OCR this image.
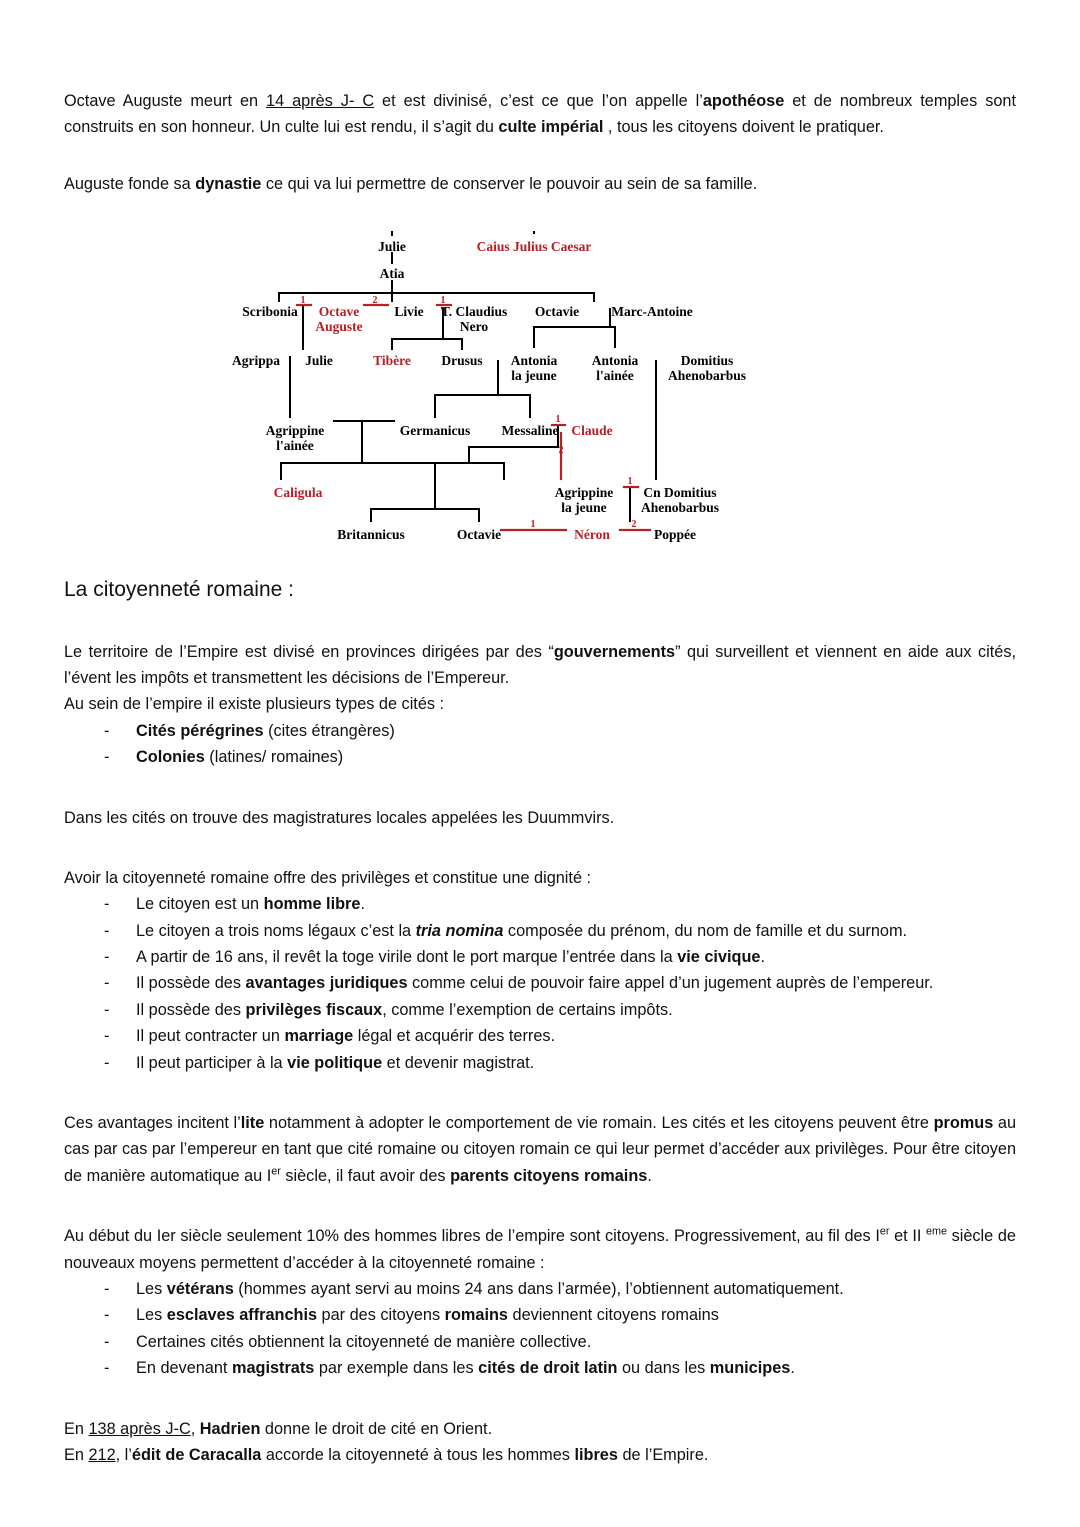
Octave Auguste meurt en 14 après J- C et est divinisé, c’est ce que l’on appelle l’apothéose et de nombreux temples sont construits en son honneur. Un culte lui est rendu, il s’agit du culte impérial , tous les citoyens doivent le pratiquer.

Auguste fonde sa dynastie ce qui va lui permettre de conserver le pouvoir au sein de sa famille.

Julie	Caius Julius Caesar
Atia
Scribonia Octave
Auguste
Livie T. Claudius
Nero
Octavie Marc-Antoine
Agrippa Julie	Tibère Drusus Antonia
la jeune
Antonia
l'ainée
Domitius
Ahenobarbus
Agrippine
l'ainée
Germanicus Messaline Claude
Caligula	Agrippine
la jeune
Cn Domitius
Ahenobarbus
Britannicus	Octavie	Néron	Poppée
1	2	1
1
2
1
1	2
La citoyenneté romaine :

Le territoire de l’Empire est divisé en provinces dirigées par des “gouvernements” qui surveillent et viennent en aide aux cités, l’évent les impôts et transmettent les décisions de l’Empereur.

Au sein de l’empire il existe plusieurs types de cités :

- Cités pérégrines (cites étrangères)
- Colonies (latines/ romaines)

Dans les cités on trouve des magistratures locales appelées les Duummvirs.

Avoir la citoyenneté romaine offre des privilèges et constitue une dignité :

- Le citoyen est un homme libre.
- Le citoyen a trois noms légaux c’est la tria nomina composée du prénom, du nom de famille et du surnom.
- A partir de 16 ans, il revêt la toge virile dont le port marque l’entrée dans la vie civique.
- Il possède des avantages juridiques comme celui de pouvoir faire appel d’un jugement auprès de l’empereur.
- Il possède des privilèges fiscaux, comme l’exemption de certains impôts.
- Il peut contracter un marriage légal et acquérir des terres.
- Il peut participer à la vie politique et devenir magistrat.

Ces avantages incitent l’lite notamment à adopter le comportement de vie romain. Les cités et les citoyens peuvent être promus au cas par cas par l’empereur en tant que cité romaine ou citoyen romain ce qui leur permet d’accéder aux privilèges. Pour être citoyen de manière automatique au Ier siècle, il faut avoir des parents citoyens romains.

Au début du Ier siècle seulement 10% des hommes libres de l’empire sont citoyens. Progressivement, au fil des Ier et II $^{eme}$ siècle de nouveaux moyens permettent d’accéder à la citoyenneté romaine :

- Les vétérans (hommes ayant servi au moins 24 ans dans l’armée), l’obtiennent automatiquement.
- Les esclaves affranchis par des citoyens romains deviennent citoyens romains
- Certaines cités obtiennent la citoyenneté de manière collective.
- En devenant magistrats par exemple dans les cités de droit latin ou dans les municipes.

En 138 après J-C, Hadrien donne le droit de cité en Orient.

En 212, l’édit de Caracalla accorde la citoyenneté à tous les hommes libres de l’Empire.
